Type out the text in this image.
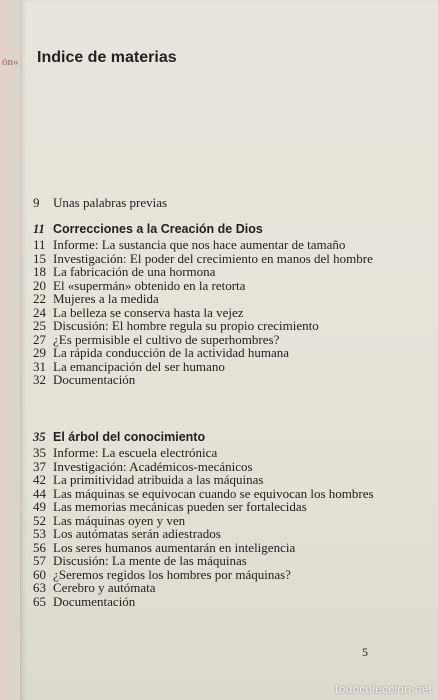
ón» Indice de materias
9	Unas palabras previas
11 Correcciones a la Creación de Dios
11 Informe: La sustancia que nos hace aumentar de tamaño
15 Investigación: El poder del crecimiento en manos del hombre
18 La fabricación de una hormona
20 El «supermán» obtenido en la retorta
22 Mujeres a la medida
24 La belleza se conserva hasta la vejez
25 Discusión: El hombre regula su propio crecimiento
27 ¿Es permisible el cultivo de superhombres?
29 La rápida conducción de la actividad humana
31 La emancipación del ser humano
32 Documentación
35 El árbol del conocimiento
35 Informe: La escuela electrónica
37 Investigación: Académicos-mecánicos
42 La primitividad atribuida a las máquinas
44 Las máquinas se equivocan cuando se equivocan los hombres
49 Las memorias mecánicas pueden ser fortalecidas
52 Las máquinas oyen y ven
53 Los autómatas serán adiestrados
56 Los seres humanos aumentarán en inteligencia
57 Discusión: La mente de las máquinas
60 ¿Seremos regidos los hombres por máquinas?
63 Cerebro y autómata
65 Documentación
5
todocoleccion.net
